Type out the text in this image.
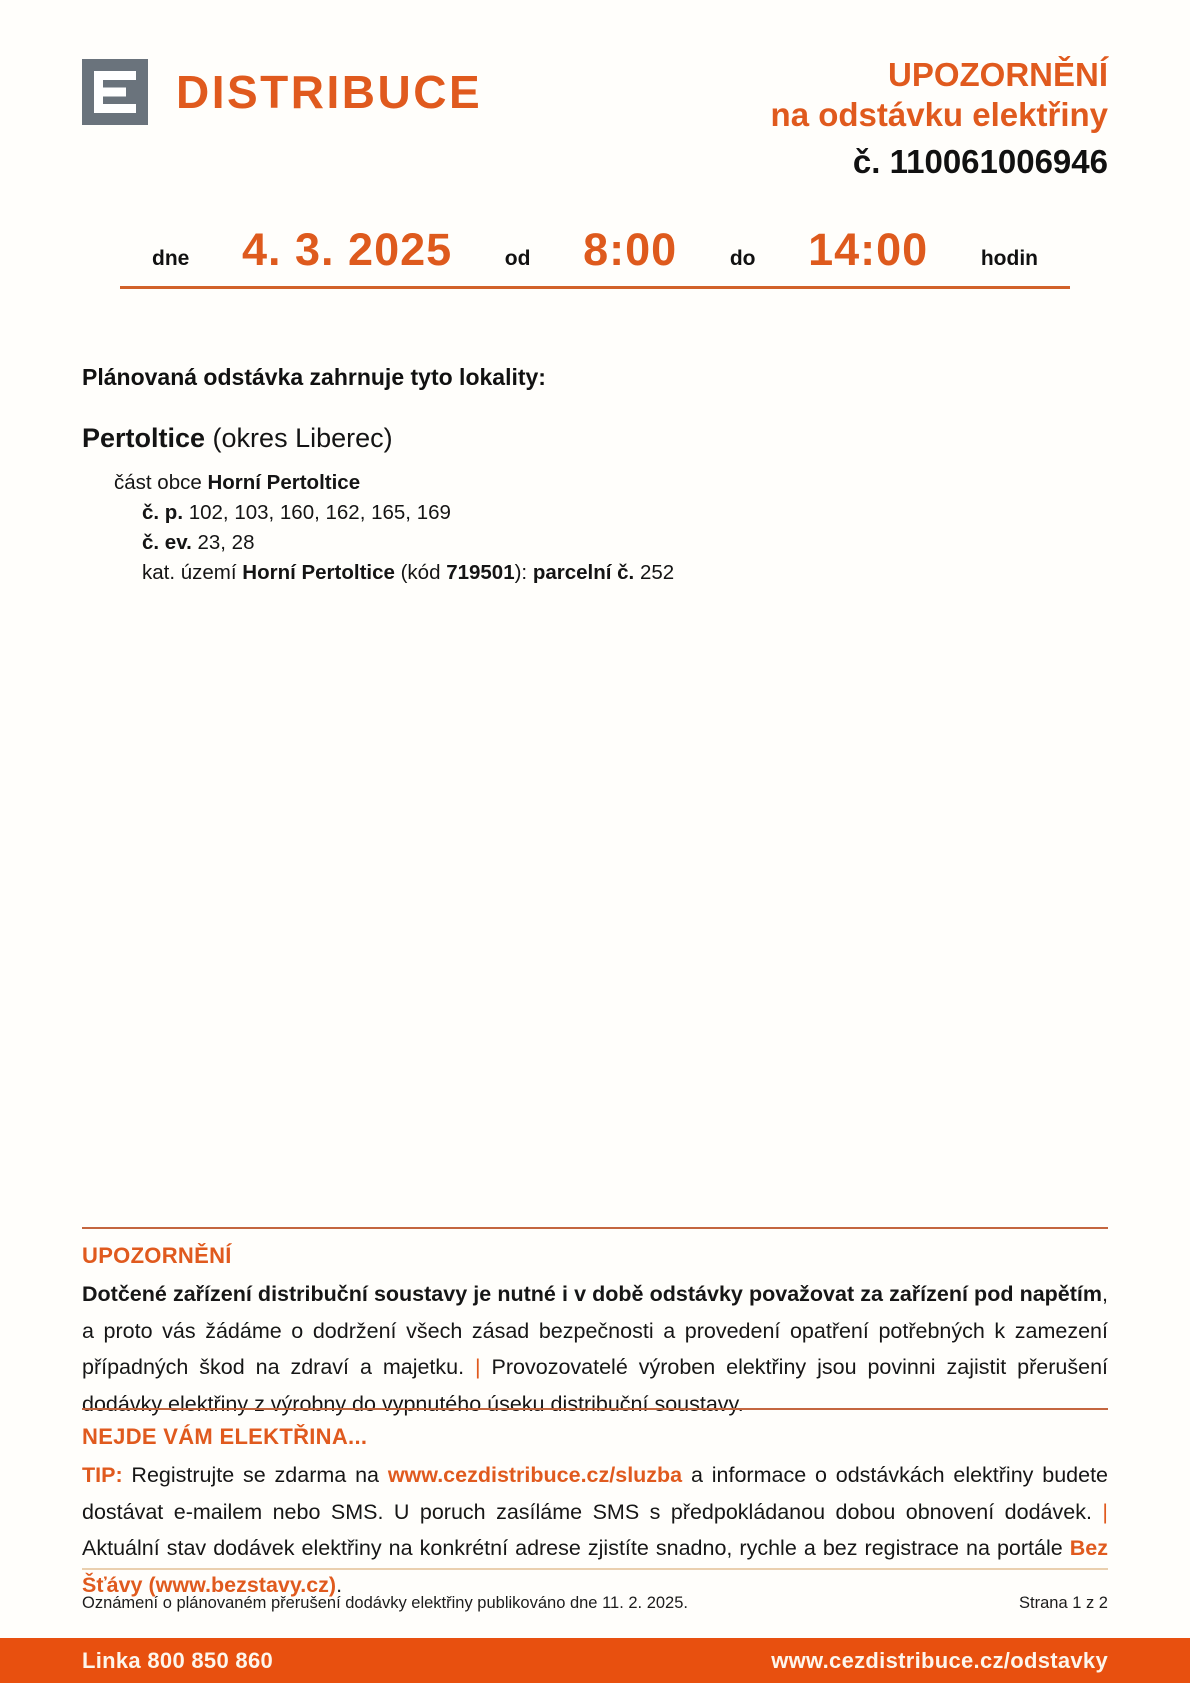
DISTRIBUCE	UPOZORNĚNÍ
na odstávku elektřiny
č. 110061006946
dne 4. 3. 2025	od 8:00	do 14:00	hodin
Plánovaná odstávka zahrnuje tyto lokality:
Pertoltice (okres Liberec)
část obce Horní Pertoltice
č. p. 102, 103, 160, 162, 165, 169
č. ev. 23, 28
kat. území Horní Pertoltice (kód 719501): parcelní č. 252
UPOZORNĚNÍ
Dotčené zařízení distribuční soustavy je nutné i v době odstávky považovat za zařízení pod napětím, a proto vás žádáme o dodržení všech zásad bezpečnosti a provedení opatření potřebných k zamezení případných škod na zdraví a majetku. | Provozovatelé výroben elektřiny jsou povinni zajistit přerušení dodávky elektřiny z výrobny do vypnutého úseku distribuční soustavy.
NEJDE VÁM ELEKTŘINA...
TIP: Registrujte se zdarma na www.cezdistribuce.cz/sluzba a informace o odstávkách elektřiny budete dostávat e-mailem nebo SMS. U poruch zasíláme SMS s předpokládanou dobou obnovení dodávek. | Aktuální stav dodávek elektřiny na konkrétní adrese zjistíte snadno, rychle a bez registrace na portále Bez Šťávy (www.bezstavy.cz).
Oznámení o plánovaném přerušení dodávky elektřiny publikováno dne 11. 2. 2025.	Strana 1 z 2
Linka 800 850 860	www.cezdistribuce.cz/odstavky
